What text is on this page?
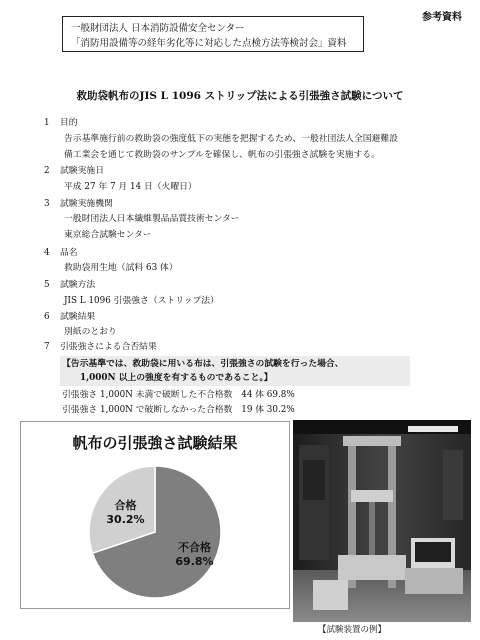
参考資料
一般財団法人 日本消防設備安全センター
「消防用設備等の経年劣化等に対応した点検方法等検討会」資料
救助袋帆布のJIS L 1096 ストリップ法による引張強さ試験について
1 目的
告示基準施行前の救助袋の強度低下の実態を把握するため、一般社団法人全国避難設
備工業会を通じて救助袋のサンプルを確保し、帆布の引張強さ試験を実施する。
2 試験実施日
平成 27 年 7 月 14 日（火曜日）
3 試験実施機関
一般財団法人日本繊維製品品質技術センター
東京総合試験センター
4 品名
救助袋用生地（試料 63 体）
5 試験方法
JIS L 1096 引張強さ（ストリップ法）
6 試験結果
別紙のとおり
7 引張強さによる合否結果
【告示基準では、救助袋に用いる布は、引張強さの試験を行った場合、
1,000N 以上の強度を有するものであること。】
引張強さ 1,000N 未満で破断した不合格数　44 体 69.8%
引張強さ 1,000N で破断しなかった合格数　19 体 30.2%
帆布の引張強さ試験結果
不合格
69.8%
合格
30.2%
【試験装置の例】
